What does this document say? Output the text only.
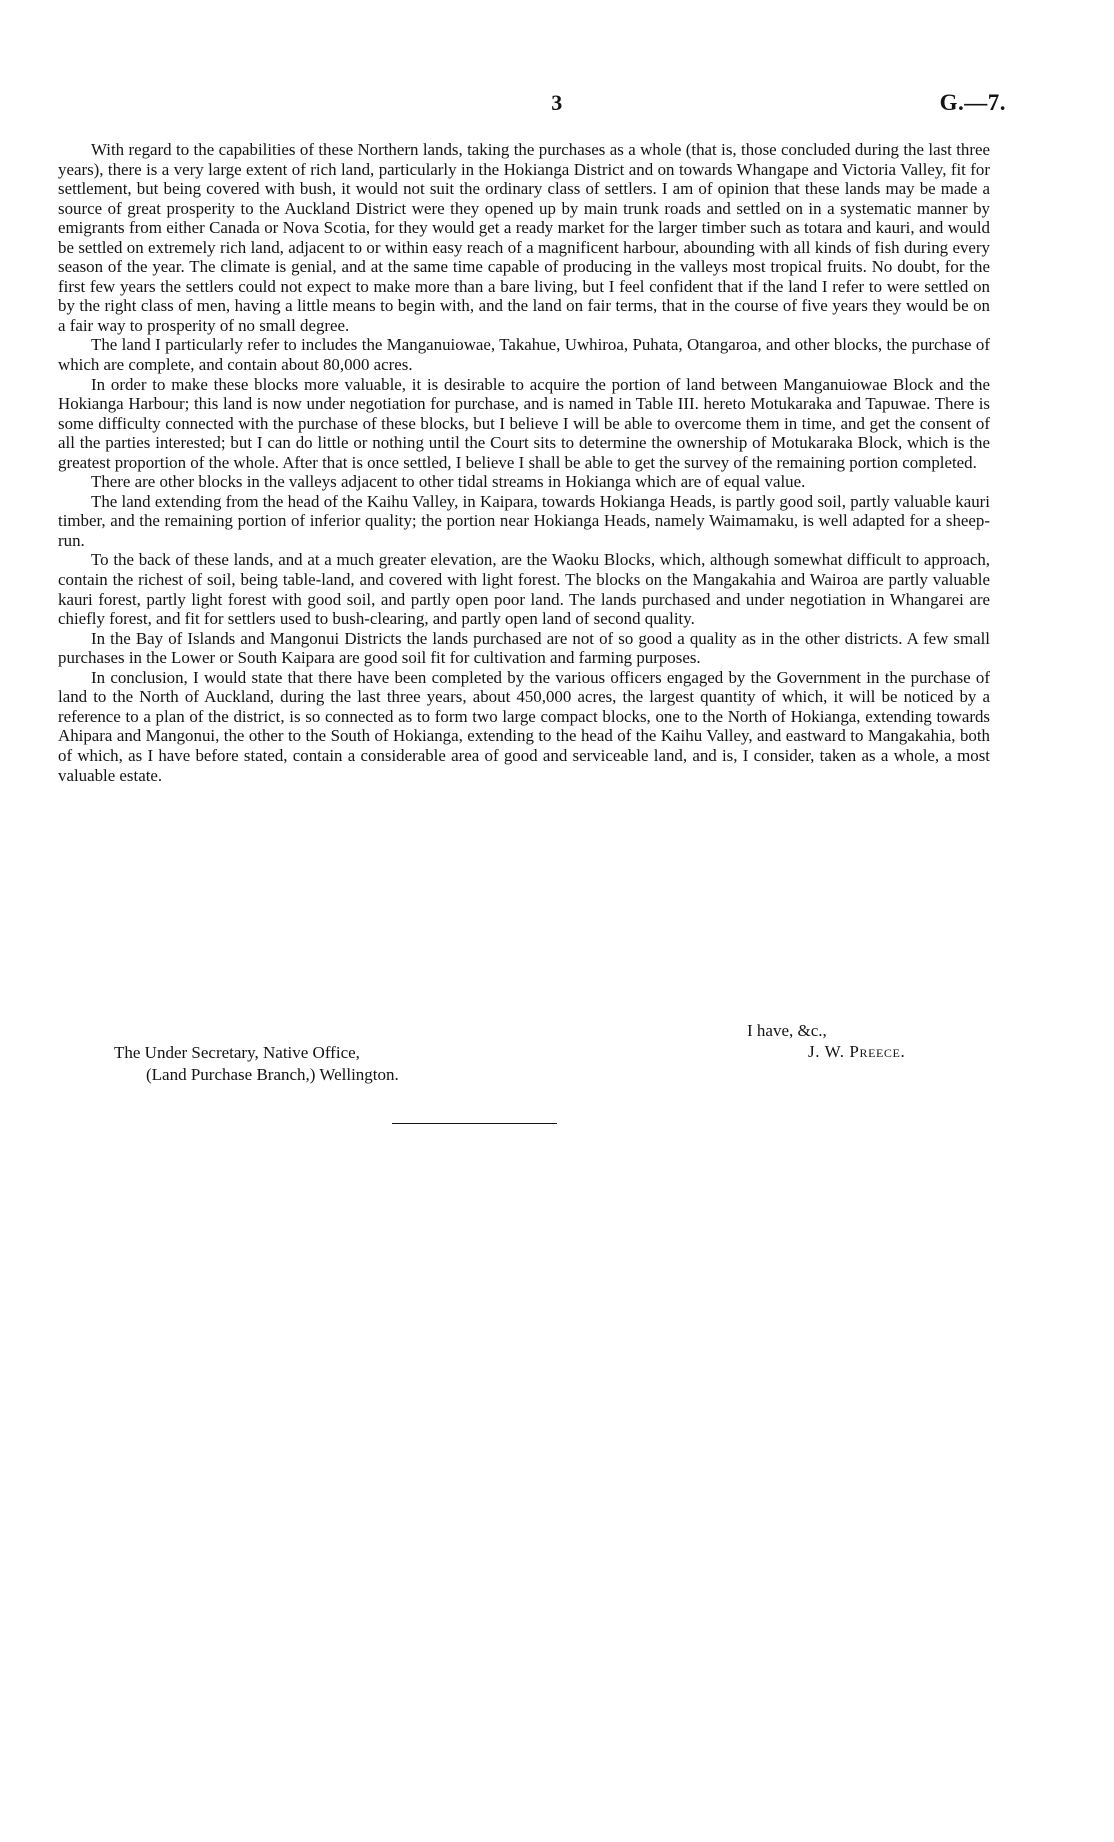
3	G.—7.

With regard to the capabilities of these Northern lands, taking the purchases as a whole (that is, those concluded during the last three years), there is a very large extent of rich land, particularly in the Hokianga District and on towards Whangape and Victoria Valley, fit for settlement, but being covered with bush, it would not suit the ordinary class of settlers. I am of opinion that these lands may be made a source of great prosperity to the Auckland District were they opened up by main trunk roads and settled on in a systematic manner by emigrants from either Canada or Nova Scotia, for they would get a ready market for the larger timber such as totara and kauri, and would be settled on extremely rich land, adjacent to or within easy reach of a magnificent harbour, abounding with all kinds of fish during every season of the year. The climate is genial, and at the same time capable of producing in the valleys most tropical fruits. No doubt, for the first few years the settlers could not expect to make more than a bare living, but I feel confident that if the land I refer to were settled on by the right class of men, having a little means to begin with, and the land on fair terms, that in the course of five years they would be on a fair way to prosperity of no small degree.

The land I particularly refer to includes the Manganuiowae, Takahue, Uwhiroa, Puhata, Otangaroa, and other blocks, the purchase of which are complete, and contain about 80,000 acres.

In order to make these blocks more valuable, it is desirable to acquire the portion of land between Manganuiowae Block and the Hokianga Harbour; this land is now under negotiation for purchase, and is named in Table III. hereto Motukaraka and Tapuwae. There is some difficulty connected with the purchase of these blocks, but I believe I will be able to overcome them in time, and get the consent of all the parties interested; but I can do little or nothing until the Court sits to determine the ownership of Motukaraka Block, which is the greatest proportion of the whole. After that is once settled, I believe I shall be able to get the survey of the remaining portion completed.

There are other blocks in the valleys adjacent to other tidal streams in Hokianga which are of equal value.

The land extending from the head of the Kaihu Valley, in Kaipara, towards Hokianga Heads, is partly good soil, partly valuable kauri timber, and the remaining portion of inferior quality; the portion near Hokianga Heads, namely Waimamaku, is well adapted for a sheep-run.

To the back of these lands, and at a much greater elevation, are the Waoku Blocks, which, although somewhat difficult to approach, contain the richest of soil, being table-land, and covered with light forest. The blocks on the Mangakahia and Wairoa are partly valuable kauri forest, partly light forest with good soil, and partly open poor land. The lands purchased and under negotiation in Whangarei are chiefly forest, and fit for settlers used to bush-clearing, and partly open land of second quality.

In the Bay of Islands and Mangonui Districts the lands purchased are not of so good a quality as in the other districts. A few small purchases in the Lower or South Kaipara are good soil fit for cultivation and farming purposes.

In conclusion, I would state that there have been completed by the various officers engaged by the Government in the purchase of land to the North of Auckland, during the last three years, about 450,000 acres, the largest quantity of which, it will be noticed by a reference to a plan of the district, is so connected as to form two large compact blocks, one to the North of Hokianga, extending towards Ahipara and Mangonui, the other to the South of Hokianga, extending to the head of the Kaihu Valley, and eastward to Mangakahia, both of which, as I have before stated, contain a considerable area of good and serviceable land, and is, I consider, taken as a whole, a most valuable estate.

I have, &c.,
The Under Secretary, Native Office,
(Land Purchase Branch,) Wellington.
J. W. Preece.
